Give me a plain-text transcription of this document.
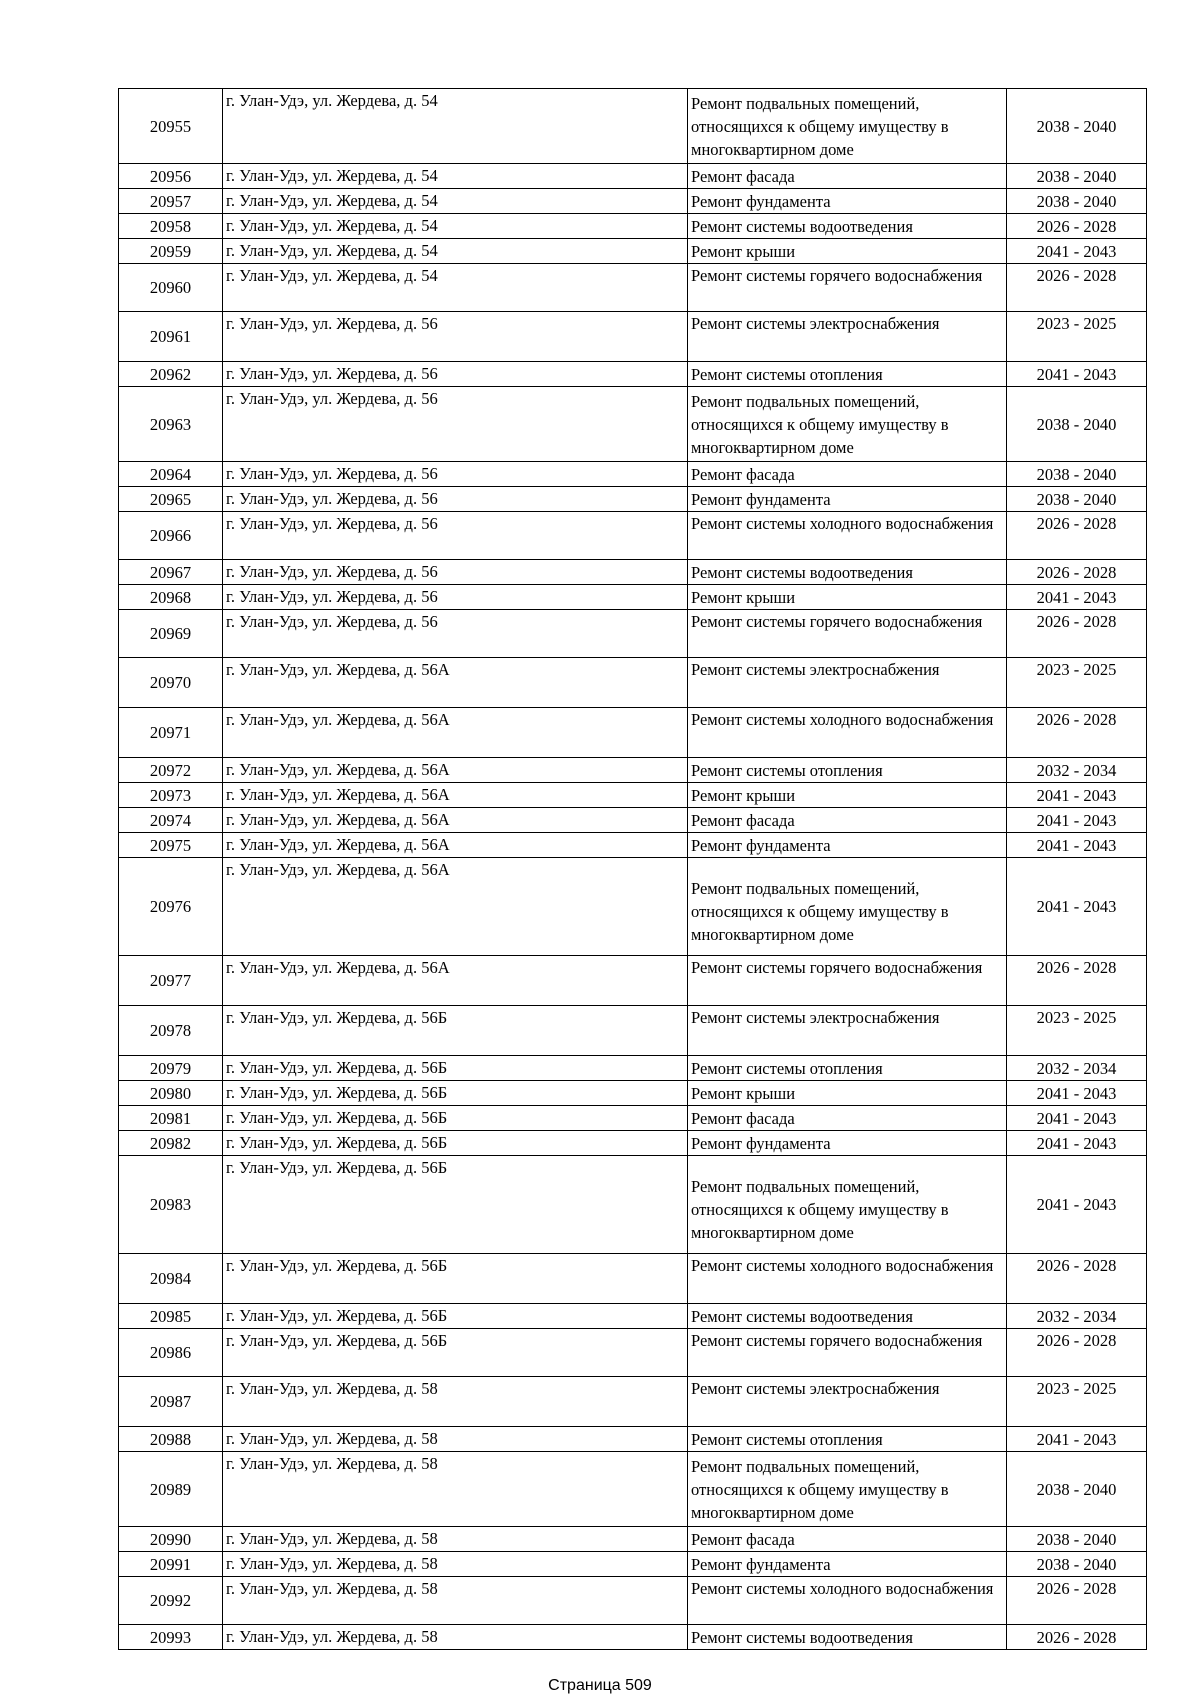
20955	г. Улан-Удэ, ул. Жердева, д. 54	Ремонт подвальных помещений, относящихся к общему имуществу в многоквартирном доме	2038 - 2040
20956	г. Улан-Удэ, ул. Жердева, д. 54	Ремонт фасада	2038 - 2040
20957	г. Улан-Удэ, ул. Жердева, д. 54	Ремонт фундамента	2038 - 2040
20958	г. Улан-Удэ, ул. Жердева, д. 54	Ремонт системы водоотведения	2026 - 2028
20959	г. Улан-Удэ, ул. Жердева, д. 54	Ремонт крыши	2041 - 2043
20960	г. Улан-Удэ, ул. Жердева, д. 54	Ремонт системы горячего водоснабжения	2026 - 2028
20961	г. Улан-Удэ, ул. Жердева, д. 56	Ремонт системы электроснабжения	2023 - 2025
20962	г. Улан-Удэ, ул. Жердева, д. 56	Ремонт системы отопления	2041 - 2043
20963	г. Улан-Удэ, ул. Жердева, д. 56	Ремонт подвальных помещений, относящихся к общему имуществу в многоквартирном доме	2038 - 2040
20964	г. Улан-Удэ, ул. Жердева, д. 56	Ремонт фасада	2038 - 2040
20965	г. Улан-Удэ, ул. Жердева, д. 56	Ремонт фундамента	2038 - 2040
20966	г. Улан-Удэ, ул. Жердева, д. 56	Ремонт системы холодного водоснабжения	2026 - 2028
20967	г. Улан-Удэ, ул. Жердева, д. 56	Ремонт системы водоотведения	2026 - 2028
20968	г. Улан-Удэ, ул. Жердева, д. 56	Ремонт крыши	2041 - 2043
20969	г. Улан-Удэ, ул. Жердева, д. 56	Ремонт системы горячего водоснабжения	2026 - 2028
20970	г. Улан-Удэ, ул. Жердева, д. 56А	Ремонт системы электроснабжения	2023 - 2025
20971	г. Улан-Удэ, ул. Жердева, д. 56А	Ремонт системы холодного водоснабжения	2026 - 2028
20972	г. Улан-Удэ, ул. Жердева, д. 56А	Ремонт системы отопления	2032 - 2034
20973	г. Улан-Удэ, ул. Жердева, д. 56А	Ремонт крыши	2041 - 2043
20974	г. Улан-Удэ, ул. Жердева, д. 56А	Ремонт фасада	2041 - 2043
20975	г. Улан-Удэ, ул. Жердева, д. 56А	Ремонт фундамента	2041 - 2043
20976	г. Улан-Удэ, ул. Жердева, д. 56А	Ремонт подвальных помещений, относящихся к общему имуществу в многоквартирном доме	2041 - 2043
20977	г. Улан-Удэ, ул. Жердева, д. 56А	Ремонт системы горячего водоснабжения	2026 - 2028
20978	г. Улан-Удэ, ул. Жердева, д. 56Б	Ремонт системы электроснабжения	2023 - 2025
20979	г. Улан-Удэ, ул. Жердева, д. 56Б	Ремонт системы отопления	2032 - 2034
20980	г. Улан-Удэ, ул. Жердева, д. 56Б	Ремонт крыши	2041 - 2043
20981	г. Улан-Удэ, ул. Жердева, д. 56Б	Ремонт фасада	2041 - 2043
20982	г. Улан-Удэ, ул. Жердева, д. 56Б	Ремонт фундамента	2041 - 2043
20983	г. Улан-Удэ, ул. Жердева, д. 56Б	Ремонт подвальных помещений, относящихся к общему имуществу в многоквартирном доме	2041 - 2043
20984	г. Улан-Удэ, ул. Жердева, д. 56Б	Ремонт системы холодного водоснабжения	2026 - 2028
20985	г. Улан-Удэ, ул. Жердева, д. 56Б	Ремонт системы водоотведения	2032 - 2034
20986	г. Улан-Удэ, ул. Жердева, д. 56Б	Ремонт системы горячего водоснабжения	2026 - 2028
20987	г. Улан-Удэ, ул. Жердева, д. 58	Ремонт системы электроснабжения	2023 - 2025
20988	г. Улан-Удэ, ул. Жердева, д. 58	Ремонт системы отопления	2041 - 2043
20989	г. Улан-Удэ, ул. Жердева, д. 58	Ремонт подвальных помещений, относящихся к общему имуществу в многоквартирном доме	2038 - 2040
20990	г. Улан-Удэ, ул. Жердева, д. 58	Ремонт фасада	2038 - 2040
20991	г. Улан-Удэ, ул. Жердева, д. 58	Ремонт фундамента	2038 - 2040
20992	г. Улан-Удэ, ул. Жердева, д. 58	Ремонт системы холодного водоснабжения	2026 - 2028
20993	г. Улан-Удэ, ул. Жердева, д. 58	Ремонт системы водоотведения	2026 - 2028
Страница 509
